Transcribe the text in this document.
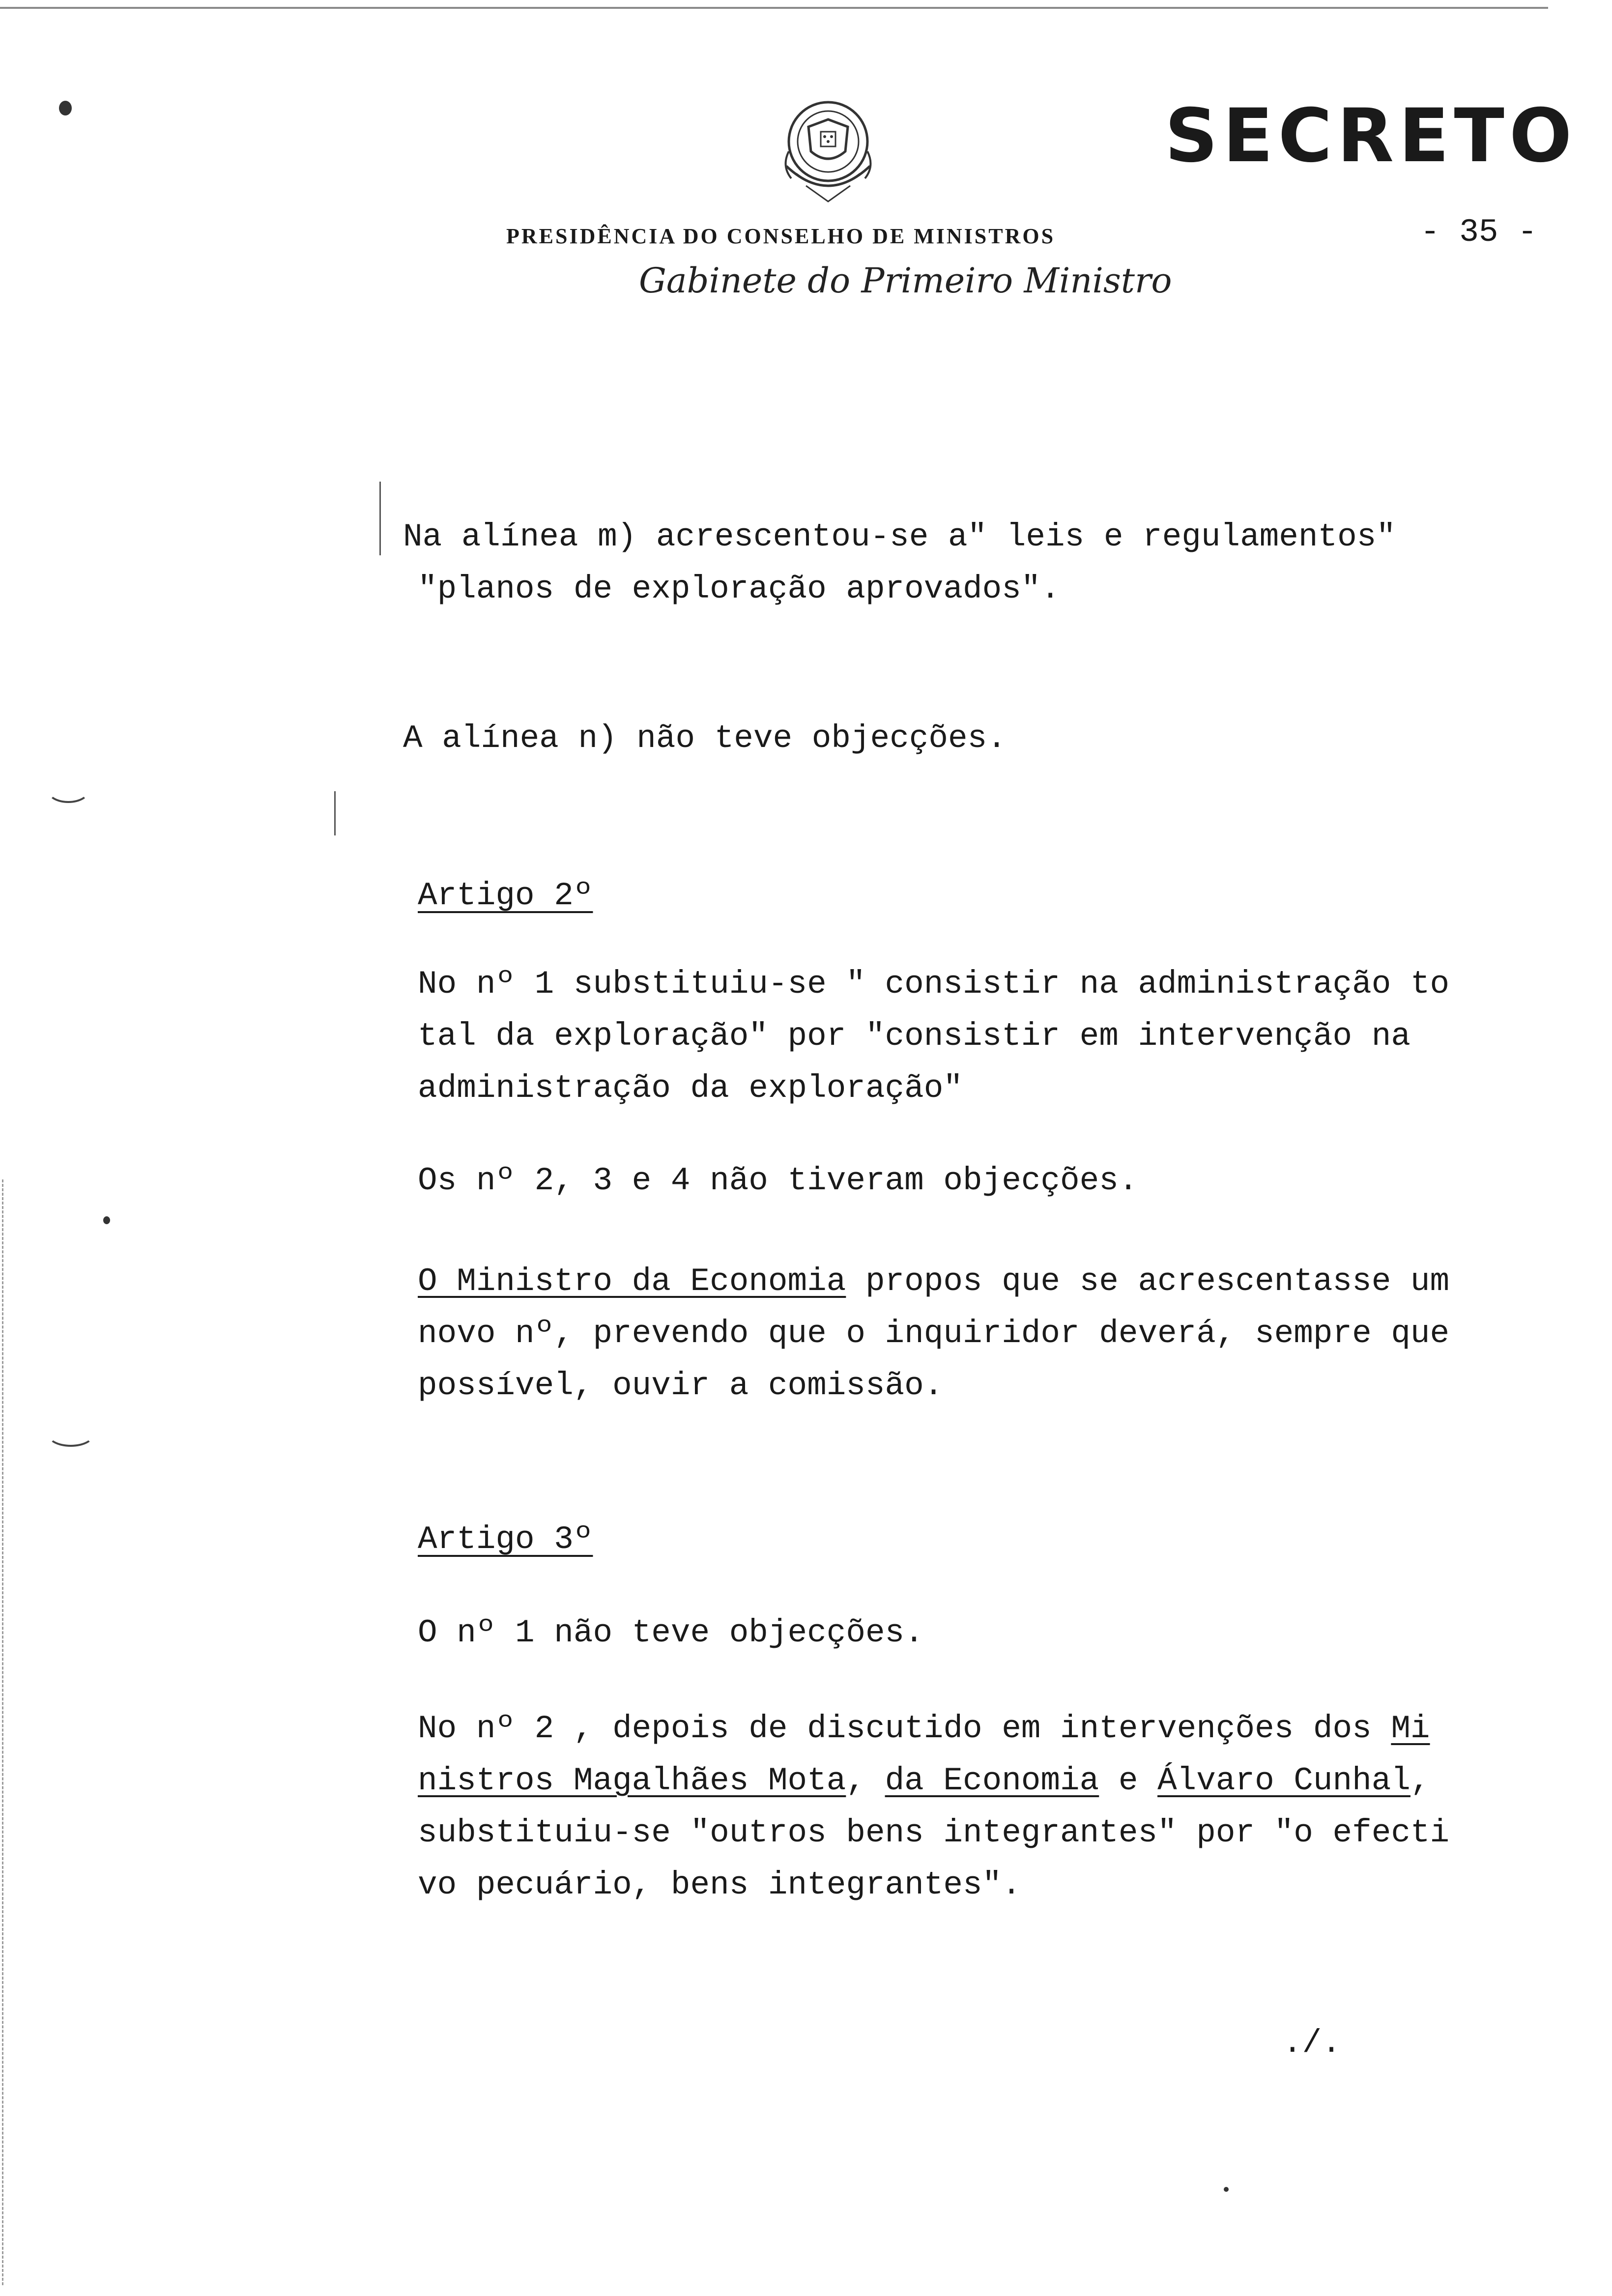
SECRETO
PRESIDÊNCIA DO CONSELHO DE MINISTROS	- 35 -
Gabinete do Primeiro Ministro
Na alínea m) acrescentou-se a" leis e regulamentos"
"planos de exploração aprovados".
A alínea n) não teve objecções.
Artigo 2º
No nº 1 substituiu-se " consistir na administração to
tal da exploração" por "consistir em intervenção na
administração da exploração"
Os nº 2, 3 e 4 não tiveram objecções.
O Ministro da Economia propos que se acrescentasse um
novo nº, prevendo que o inquiridor deverá, sempre que
possível, ouvir a comissão.
Artigo 3º
O nº 1 não teve objecções.
No nº 2 , depois de discutido em intervenções dos Mi
nistros Magalhães Mota, da Economia e Álvaro Cunhal,
substituiu-se "outros bens integrantes" por "o efecti
vo pecuário, bens integrantes".
./.
